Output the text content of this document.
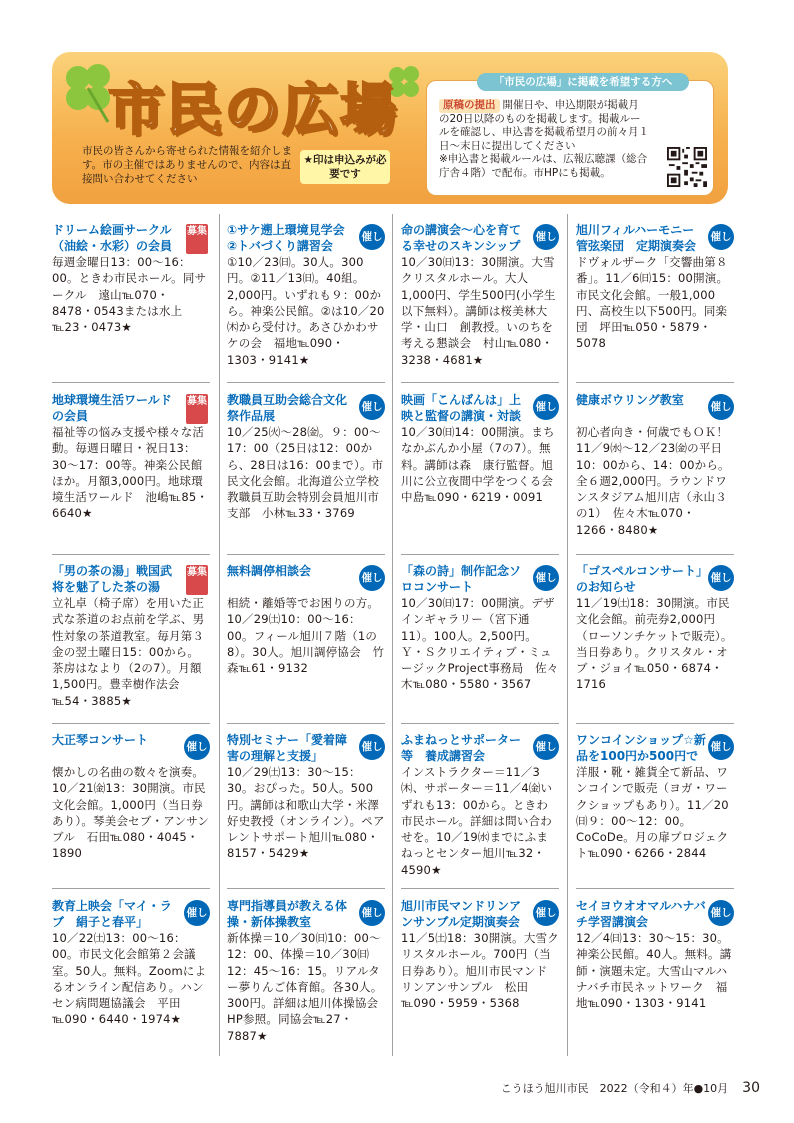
市民の広場
市民の皆さんから寄せられた情報を紹介します。市の主催ではありませんので、内容は直接問い合わせてください
★印は申込みが必要です
「市民の広場」に掲載を希望する方へ
原稿の提出 開催日や、申込期限が掲載月の20日以降のものを掲載します。掲載ルールを確認し、申込書を掲載希望月の前々月１日～末日に提出してください
※申込書と掲載ルールは、広報広聴課（総合庁舎４階）で配布。市HPにも掲載。
ドリーム絵画サークル（油絵・水彩）の会員
募集
毎週金曜日13：00～16：00。ときわ市民ホール。同サークル　遠山℡070・8478・0543または水上℡23・0473★
地球環境生活ワールドの会員
募集
福祉等の悩み支援や様々な活動。毎週日曜日・祝日13：30～17：00等。神楽公民館ほか。月額3,000円。地球環境生活ワールド　池嶋℡85・6640★
「男の茶の湯」戦国武将を魅了した茶の湯
募集
立礼卓（椅子席）を用いた正式な茶道のお点前を学ぶ、男性対象の茶道教室。毎月第３金の翌土曜日15：00から。茶房はなより（2の7）。月額1,500円。豊幸樹作法会℡54・3885★
大正琴コンサート	催し
懐かしの名曲の数々を演奏。10／21㈮13：30開演。市民文化会館。1,000円（当日券あり）。琴美会セブ・アンサンブル　石田℡080・4045・1890
教育上映会「マイ・ラブ　絹子と春平」
催し
10／22㈯13：00～16：00。市民文化会館第２会議室。50人。無料。Zoomによるオンライン配信あり。ハンセン病問題協議会　平田℡090・6440・1974★
①サケ遡上環境見学会　②トバづくり講習会
催し
①10／23㈰。30人。300円。②11／13㈰。40組。2,000円。いずれも９：00から。神楽公民館。②は10／20㈭から受付け。あさひかわサケの会　福地℡090・1303・9141★
教職員互助会総合文化祭作品展
催し
10／25㈫～28㈮。９：00～17：00（25日は12：00から、28日は16：00まで）。市民文化会館。北海道公立学校教職員互助会特別会員旭川市支部　小林℡33・3769
無料調停相談会	催し
相続・離婚等でお困りの方。10／29㈯10：00～16：00。フィール旭川７階（1の8）。30人。旭川調停協会　竹森℡61・9132
特別セミナー「愛着障害の理解と支援」
催し
10／29㈯13：30～15：30。おぴった。50人。500円。講師は和歌山大学・米澤好史教授（オンライン）。ペアレントサポート旭川℡080・8157・5429★
専門指導員が教える体操・新体操教室
催し
新体操＝10／30㈰10：00～12：00、体操＝10／30㈰12：45～16：15。リアルター夢りんご体育館。各30人。300円。詳細は旭川体操協会HP参照。同協会℡27・7887★
命の講演会～心を育てる幸せのスキンシップ
催し
10／30㈰13：30開演。大雪クリスタルホール。大人1,000円、学生500円(小学生以下無料）。講師は桜美林大学・山口　創教授。いのちを考える懇談会　村山℡080・3238・4681★
映画「こんばんは」上映と監督の講演・対談
催し
10／30㈰14：00開演。まちなかぶんか小屋（7の7）。無料。講師は森　康行監督。旭川に公立夜間中学をつくる会　中島℡090・6219・0091
「森の詩」制作記念ソロコンサート
催し
10／30㈰17：00開演。デザインギャラリー（宮下通11）。100人。2,500円。Ｙ・Ｓクリエイティブ・ミュージックProject事務局　佐々木℡080・5580・3567
ふまねっとサポーター等　養成講習会
催し
インストラクター＝11／3㈭、サポーター＝11／4㈮いずれも13：00から。ときわ市民ホール。詳細は問い合わせを。10／19㈬までにふまねっとセンター旭川℡32・4590★
旭川市民マンドリンアンサンブル定期演奏会
催し
11／5㈯18：30開演。大雪クリスタルホール。700円（当日券あり）。旭川市民マンドリンアンサンブル　松田℡090・5959・5368
旭川フィルハーモニー管弦楽団　定期演奏会
催し
ドヴォルザーク「交響曲第８番」。11／6㈰15：00開演。市民文化会館。一般1,000円、高校生以下500円。同楽団　坪田℡050・5879・5078
健康ボウリング教室	催し
初心者向き・何歳でもＯＫ！11／9㈬～12／23㈮の平日10：00から、14：00から。全６週2,000円。ラウンドワンスタジアム旭川店（永山３の1）　佐々木℡070・1266・8480★
「ゴスペルコンサート」のお知らせ
催し
11／19㈯18：30開演。市民文化会館。前売券2,000円（ローソンチケットで販売）。当日券あり。クリスタル・オブ・ジョイ℡050・6874・1716
ワンコインショップ☆新品を100円か500円で
催し
洋服・靴・雑貨全て新品、ワンコインで販売（ヨガ・ワークショップもあり）。11／20㈰９：00～12：00。CoCoDe。月の扉プロジェクト℡090・6266・2844
セイヨウオオマルハナバチ学習講演会
催し
12／4㈰13：30～15：30。神楽公民館。40人。無料。講師・演題未定。大雪山マルハナバチ市民ネットワーク　福地℡090・1303・9141
こうほう旭川市民　2022（令和４）年●10月 30
